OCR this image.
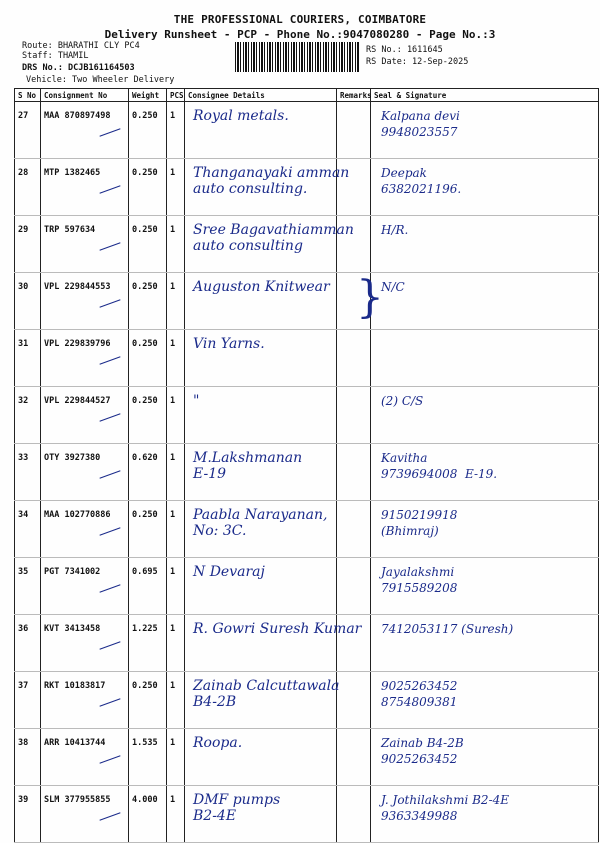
THE PROFESSIONAL COURIERS, COIMBATORE
Delivery Runsheet - PCP - Phone No.:9047080280 - Page No.:3
Route: BHARATHI CLY PC4
Staff: THAMIL
DRS No.: DCJB161164503
Vehicle: Two Wheeler Delivery
RS No.: 1611645
RS Date: 12-Sep-2025
S No	Consignment No	Weight	PCS	Consignee Details	Remarks	Seal & Signature
27	MAA 870897498	0.250	1	Royal metals.		Kalpana devi
9948023557

28	MTP 1382465	0.250	1	Thanganayaki amman
auto consulting.		Deepak
6382021196.

29	TRP 597634	0.250	1	Sree Bagavathiamman
auto consulting		H/R.

30	VPL 229844553	0.250	1	Auguston Knitwear		N/C

31	VPL 229839796	0.250	1	Vin Yarns.		

32	VPL 229844527	0.250	1	"		(2) C/S

33	OTY 3927380	0.620	1	M.Lakshmanan
E-19		Kavitha
9739694008  E-19.

34	MAA 102770886	0.250	1	Paabla Narayanan,
No: 3C.		9150219918
(Bhimraj)

35	PGT 7341002	0.695	1	N Devaraj		Jayalakshmi
7915589208

36	KVT 3413458	1.225	1	R. Gowri Suresh Kumar		7412053117 (Suresh)

37	RKT 10183817	0.250	1	Zainab Calcuttawala
B4-2B		9025263452
8754809381

38	ARR 10413744	1.535	1	Roopa.		Zainab B4-2B
9025263452

39	SLM 377955855	4.000	1	DMF pumps
B2-4E		J. Jothilakshmi B2-4E
9363349988
}
